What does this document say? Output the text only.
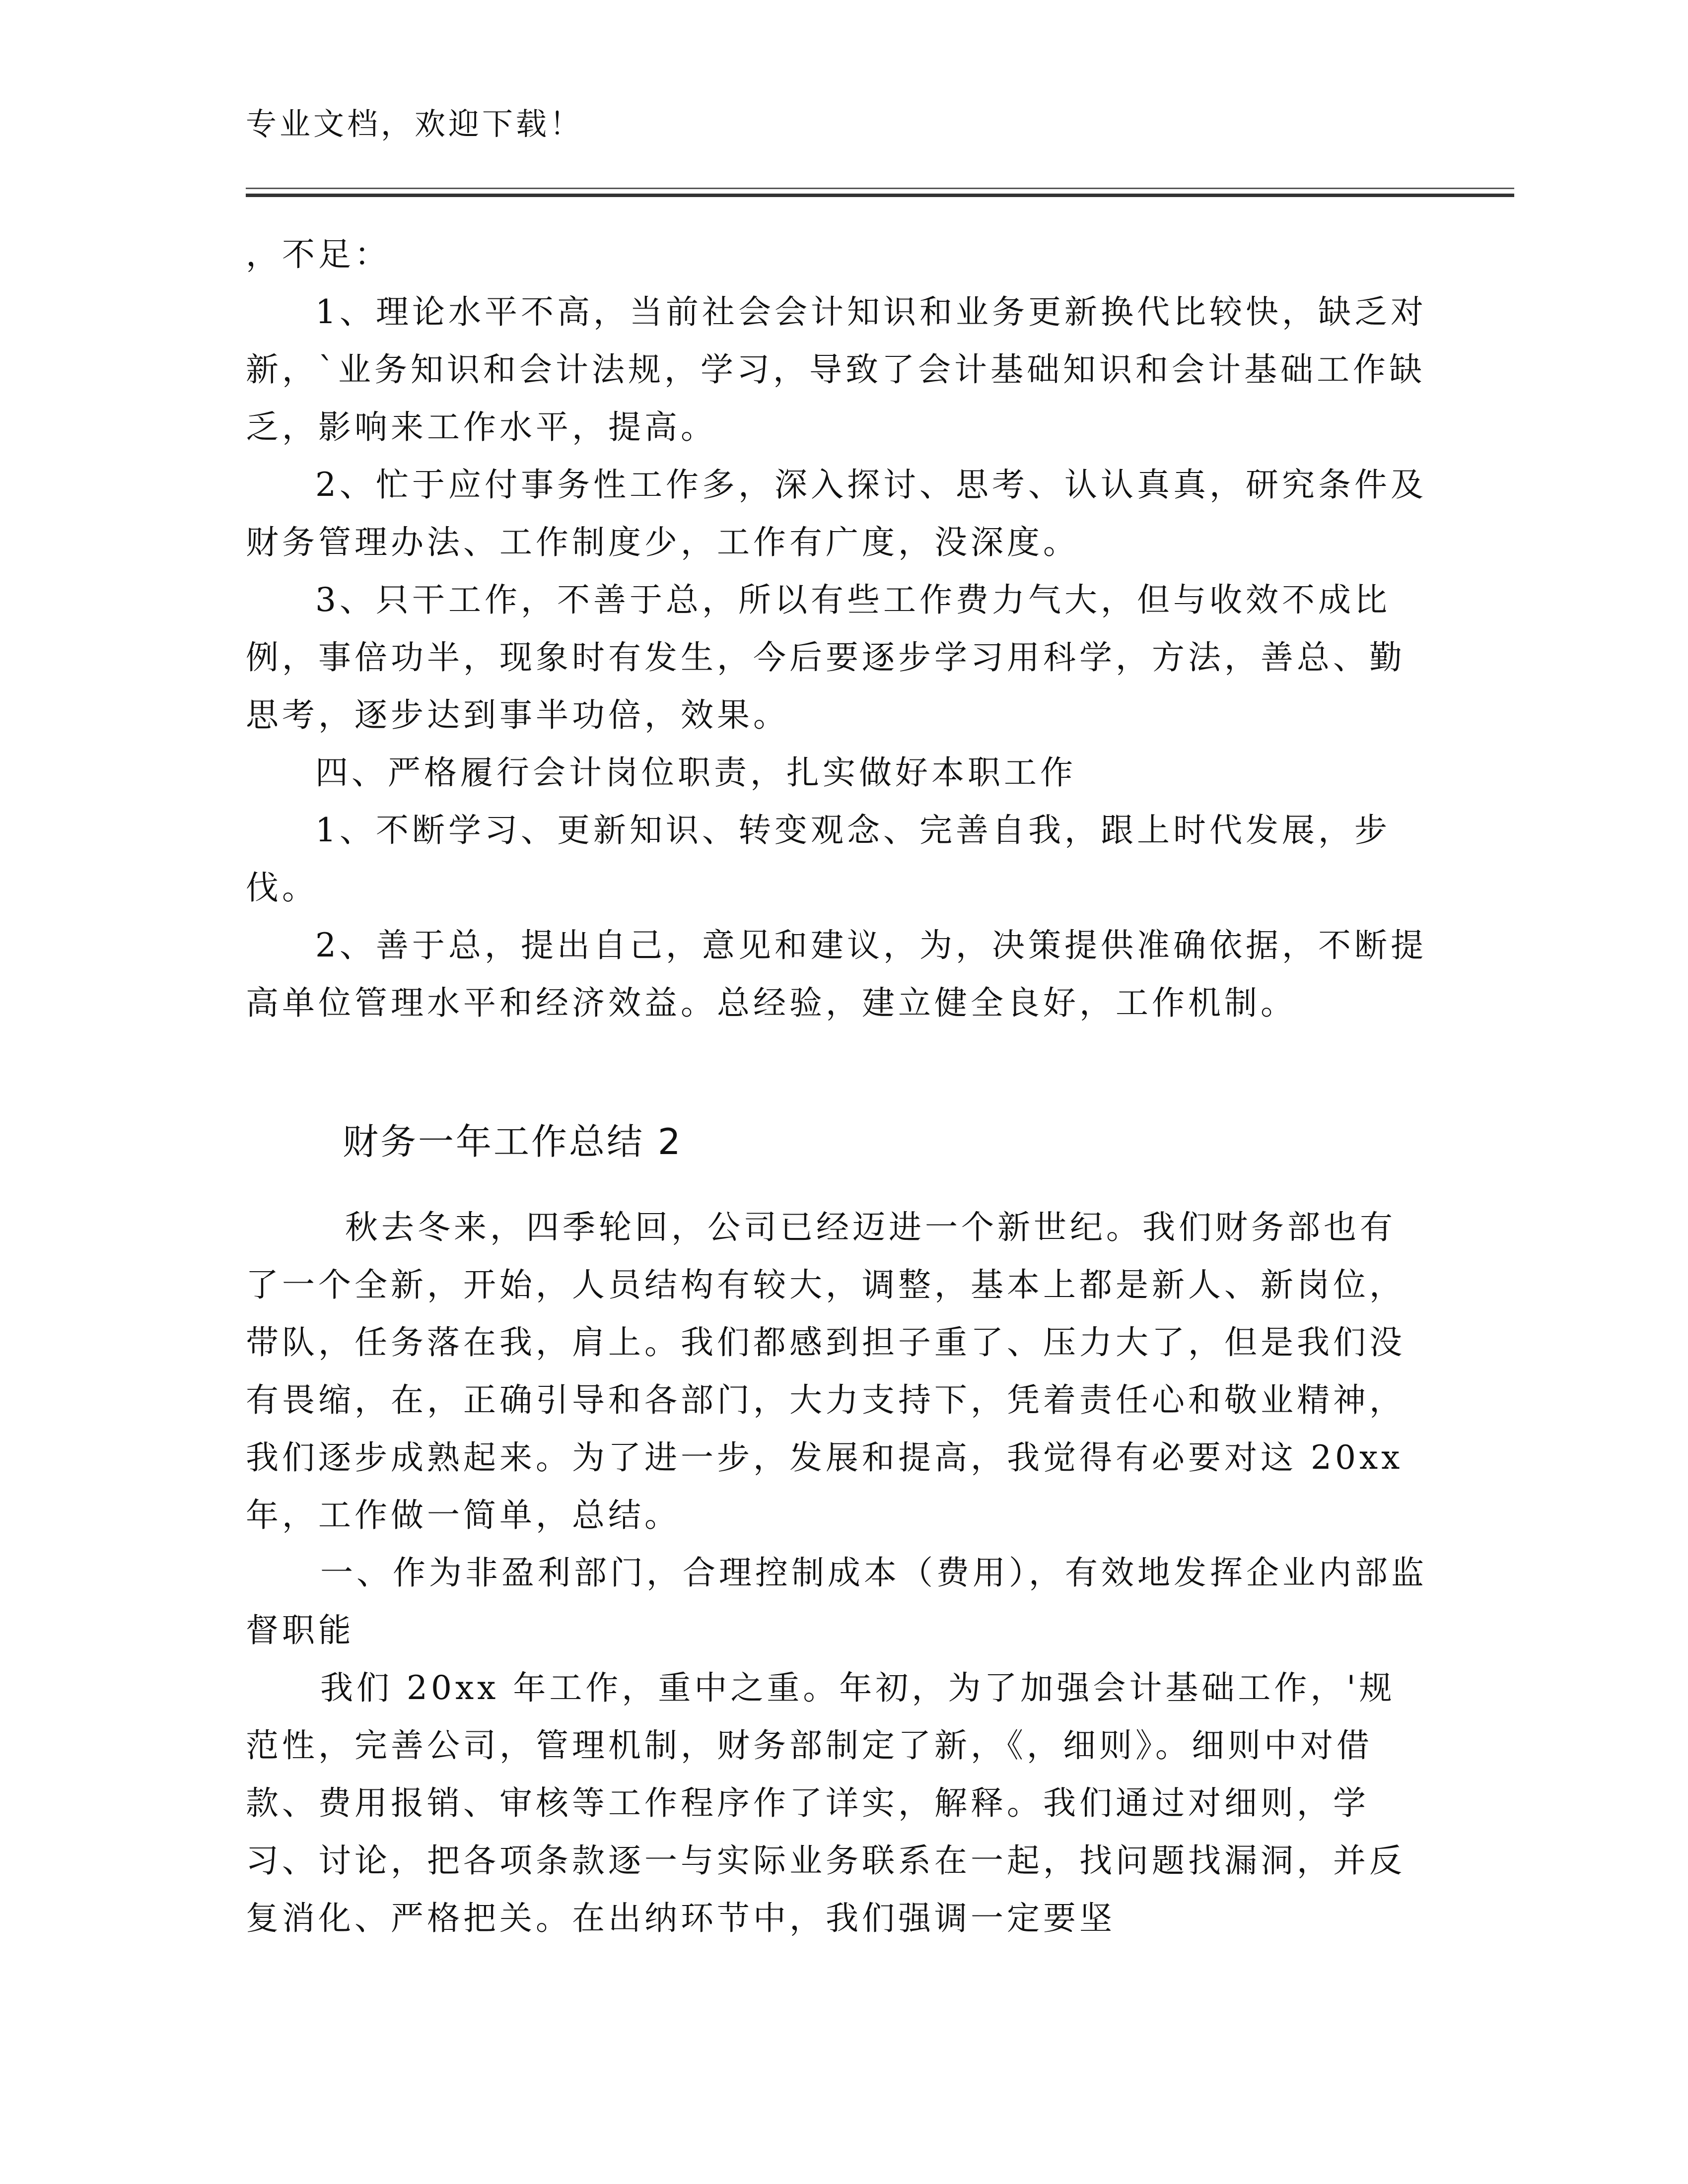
专业文档，欢迎下载！

，不足：

1、理论水平不高，当前社会会计知识和业务更新换代比较快，缺乏对新，`业务知识和会计法规，学习，导致了会计基础知识和会计基础工作缺乏，影响来工作水平，提高。

2、忙于应付事务性工作多，深入探讨、思考、认认真真，研究条件及财务管理办法、工作制度少，工作有广度，没深度。

3、只干工作，不善于总，所以有些工作费力气大，但与收效不成比例，事倍功半，现象时有发生，今后要逐步学习用科学，方法，善总、勤思考，逐步达到事半功倍，效果。

四、严格履行会计岗位职责，扎实做好本职工作

1、不断学习、更新知识、转变观念、完善自我，跟上时代发展，步伐。

2、善于总，提出自己，意见和建议，为，决策提供准确依据，不断提高单位管理水平和经济效益。总经验，建立健全良好，工作机制。

财务一年工作总结 2

秋去冬来，四季轮回，公司已经迈进一个新世纪。我们财务部也有了一个全新，开始，人员结构有较大，调整，基本上都是新人、新岗位，带队，任务落在我，肩上。我们都感到担子重了、压力大了，但是我们没有畏缩，在，正确引导和各部门，大力支持下，凭着责任心和敬业精神，我们逐步成熟起来。为了进一步，发展和提高，我觉得有必要对这 20xx 年，工作做一简单，总结。

一、作为非盈利部门，合理控制成本（费用），有效地发挥企业内部监督职能

我们 20xx 年工作，重中之重。年初，为了加强会计基础工作，'规范性，完善公司，管理机制，财务部制定了新，《，细则》。细则中对借款、费用报销、审核等工作程序作了详实，解释。我们通过对细则，学习、讨论，把各项条款逐一与实际业务联系在一起，找问题找漏洞，并反复消化、严格把关。在出纳环节中，我们强调一定要坚
